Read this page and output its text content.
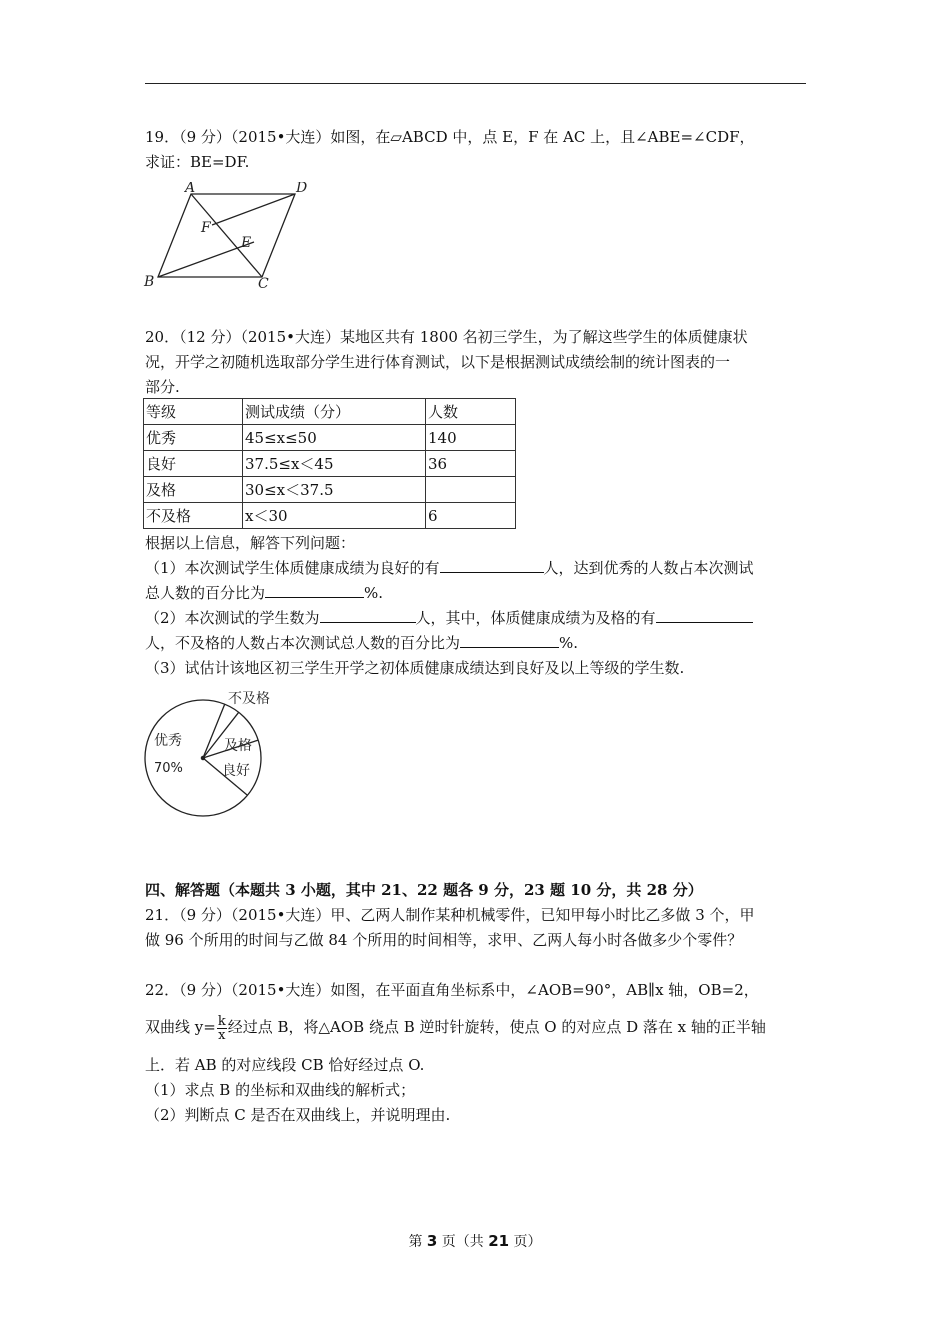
19．（9 分）（2015•大连）如图，在▱ABCD 中，点 E，F 在 AC 上，且∠ABE=∠CDF，
求证：BE=DF.
A	D
F
E
B	C
20．（12 分）（2015•大连）某地区共有 1800 名初三学生，为了解这些学生的体质健康状
况，开学之初随机选取部分学生进行体育测试，以下是根据测试成绩绘制的统计图表的一
部分.
等级	测试成绩（分）	人数
优秀	45≤x≤50	140
良好	37.5≤x＜45	36
及格	30≤x＜37.5	
不及格	x＜30	6
根据以上信息，解答下列问题：
（1）本次测试学生体质健康成绩为良好的有	人，达到优秀的人数占本次测试
总人数的百分比为	%.
（2）本次测试的学生数为	人，其中，体质健康成绩为及格的有
人，不及格的人数占本次测试总人数的百分比为	%.
（3）试估计该地区初三学生开学之初体质健康成绩达到良好及以上等级的学生数.
优秀
70%
不及格
及格
良好
四、解答题（本题共 3 小题，其中 21、22 题各 9 分，23 题 10 分，共 28 分）
21．（9 分）（2015•大连）甲、乙两人制作某种机械零件，已知甲每小时比乙多做 3 个，甲
做 96 个所用的时间与乙做 84 个所用的时间相等，求甲、乙两人每小时各做多少个零件？
22．（9 分）（2015•大连）如图，在平面直角坐标系中，∠AOB=90°，AB∥x 轴，OB=2，
双曲线 $y= \frac{k}{x}$ 经过点 B，将△AOB 绕点 B 逆时针旋转，使点 O 的对应点 D 落在 x 轴的正半轴
上．若 AB 的对应线段 CB 恰好经过点 O.
（1）求点 B 的坐标和双曲线的解析式；
（2）判断点 C 是否在双曲线上，并说明理由.
第 3 页（共 21 页）
